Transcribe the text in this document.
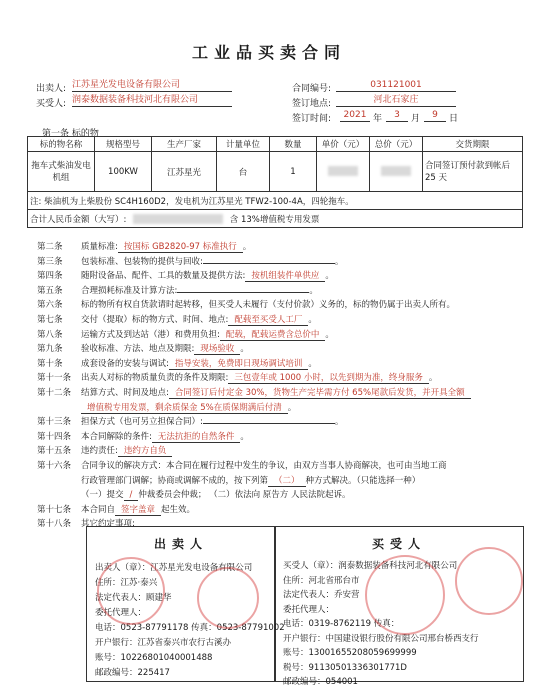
工业品买卖合同
出卖人: 江苏星光发电设备有限公司
买受人: 润泰数据装备科技河北有限公司
合同编号:	031121001
签订地点:	河北石家庄
签订时间:	2021 年	3	月	9	日
第一条 标的物
标的物名称	规格型号	生产厂家	计量单位	数量	单价（元）	总价（元）	交货期限
拖车式柴油发电机组	100KW	江苏星光	台	1			合同签订预付款到帐后 25 天
注: 柴油机为上柴股份 SC4H160D2，发电机为江苏星光 TFW2-100-4A，四轮拖车。							
合计人民币金额（大写）: 含 13%增值税专用发票							
第二条 质量标准: 按国标 GB2820-97 标准执行 。
第三条 包装标准、包装物的提供与回收:	。
第四条 随附设备品、配件、工具的数量及提供方法: 按机组装件单供应 。
第五条 合理损耗标准及计算方法:	。
第六条 标的物所有权自货款请时起转移，但买受人未履行（支付价款）义务的，标的物仍属于出卖人所有。
第七条 交付（提取）标的物方式、时间、地点: 配载至买受人工厂 。
第八条 运输方式及到达站（港）和费用负担: 配载，配载运费含总价中 。
第九条 验收标准、方法、地点及期限: 现场验收 。
第十条 成套设备的安装与调试: 指导安装，免费即日现场调试培训 。
第十一条 出卖人对标的物质量负责的条件及期限: 三包壹年或 1000 小时，以先到期为准，终身服务 。
第十二条 结算方式、时间及地点: 合同签订后付定金 30%，货物生产完毕需方付 65%尾款后发货，并开具全额
增值税专用发票，剩余质保金 5%在质保期满后付清 。
第十三条 担保方式（也可另立担保合同）:	。
第十四条 本合同解除的条件: 无法抗拒的自然条件 。
第十五条 违约责任: 违约方自负
第十六条 合同争议的解决方式：本合同在履行过程中发生的争议，由双方当事人协商解决，也可由当地工商
行政管理部门调解；协商或调解不成的，按下列第 （二） 种方式解决。（只能选择一种）
（一）提交 / 仲裁委员会仲裁； （二）依法向 原告方 人民法院起诉。
第十七条 本合同自 签字盖章 起生效。
第十八条 其它约定事项:
出卖人
出卖人（章）：江苏星光发电设备有限公司
住所：江苏·泰兴
法定代表人：顾建华
委托代理人：
电话：0523-87791178 传真：0523-87791002
开户银行：江苏省泰兴市农行古溪办
账号：10226801040001488
邮政编号：225417
买受人
买受人（章）：润泰数据装备科技河北有限公司
住所：河北省邢台市
法定代表人：乔安营
委托代理人：
电话：0319-8762119 传真：
开户银行：中国建设银行股份有限公司邢台桥西支行
账号：13001655208059699999
税号：91130501336301771D
邮政编号：054001
